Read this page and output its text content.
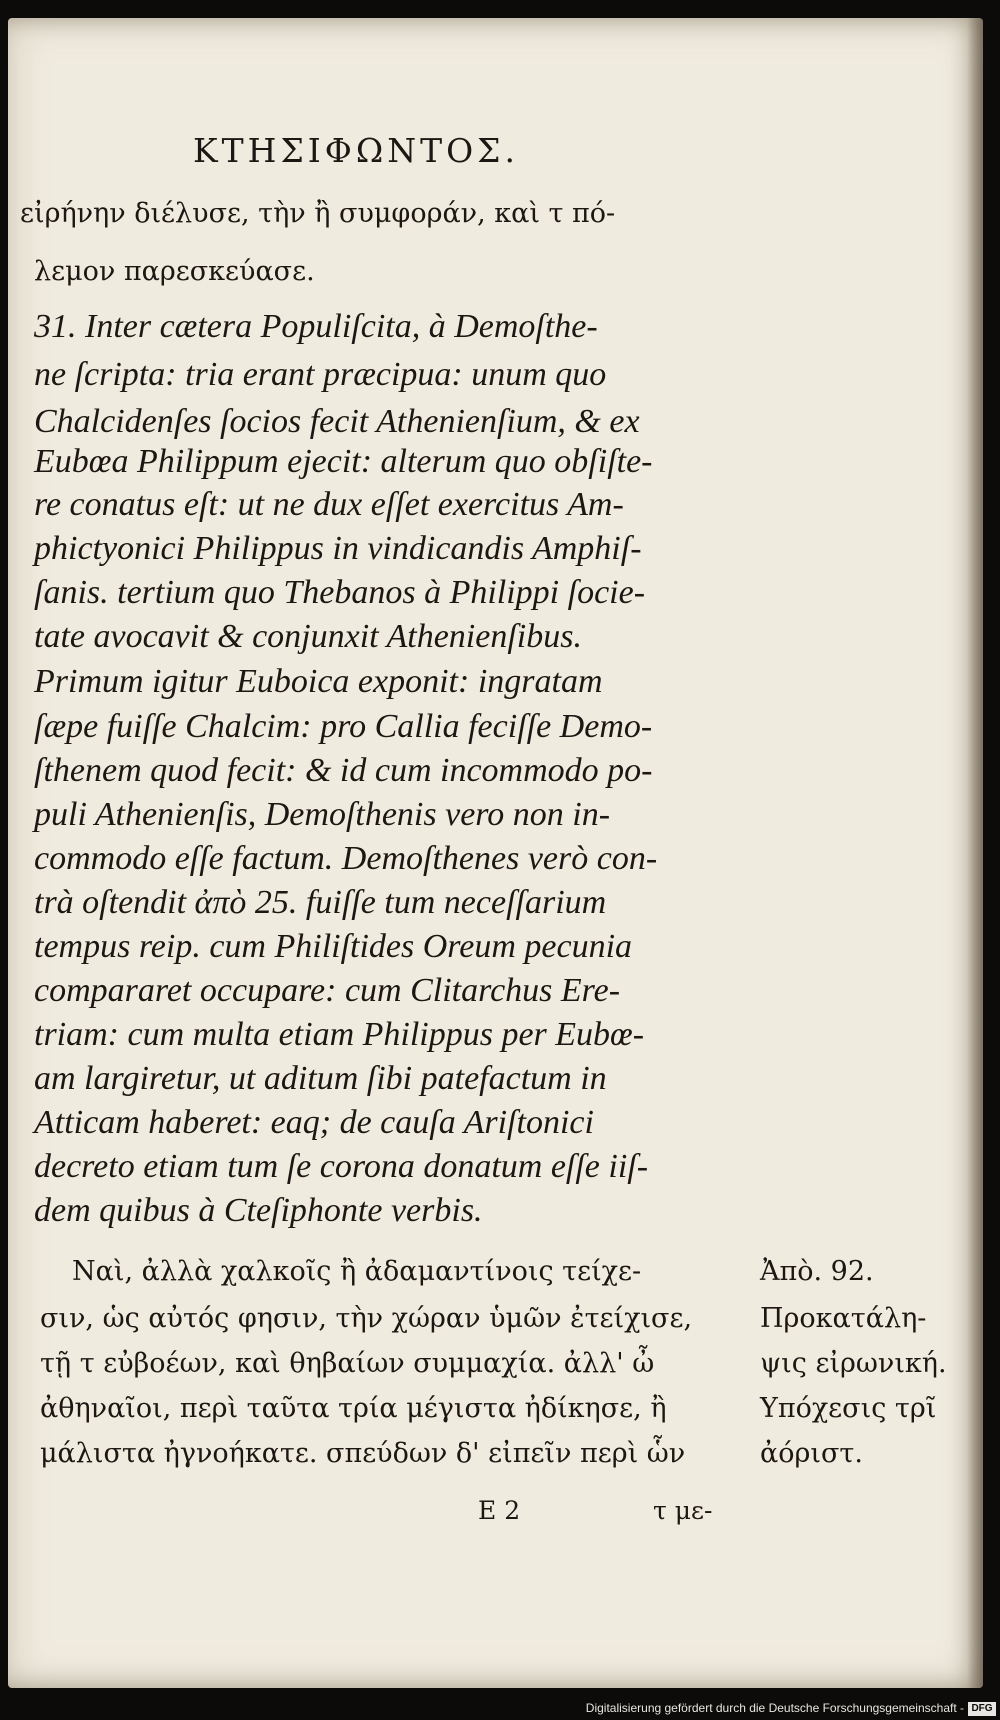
ΚΤΗΣΙΦΩΝΤΟΣ.
εἰρήνην διέλυσε, τὴν ἢ συμφοράν, καὶ τ πό-
λεμον παρεσκεύασε.
31. Inter cætera Populiſcita, à Demoſthe-
ne ſcripta: tria erant præcipua: unum quo
Chalcidenſes ſocios fecit Athenienſium, & ex
Eubœa Philippum ejecit: alterum quo obſiſte-
re conatus eſt: ut ne dux eſſet exercitus Am-
phictyonici Philippus in vindicandis Amphiſ-
ſanis. tertium quo Thebanos à Philippi ſocie-
tate avocavit & conjunxit Athenienſibus.
Primum igitur Euboica exponit: ingratam
ſæpe fuiſſe Chalcim: pro Callia feciſſe Demo-
ſthenem quod fecit: & id cum incommodo po-
puli Athenienſis, Demoſthenis vero non in-
commodo eſſe factum. Demoſthenes verò con-
trà oſtendit ἀπὸ 25. fuiſſe tum neceſſarium
tempus reip. cum Philiſtides Oreum pecunia
compararet occupare: cum Clitarchus Ere-
triam: cum multa etiam Philippus per Eubœ-
am largiretur, ut aditum ſibi patefactum in
Atticam haberet: eaq; de cauſa Ariſtonici
decreto etiam tum ſe corona donatum eſſe iiſ-
dem quibus à Cteſiphonte verbis.
Ναὶ, ἀλλὰ χαλκοῖς ἢ ἀδαμαντίνοις τείχε-
σιν, ὡς αὐτός φησιν, τὴν χώραν ὑμῶν ἐτείχισε,
τῇ τ εὐβοέων, καὶ θηβαίων συμμαχία. ἀλλ' ὦ
ἀθηναῖοι, περὶ ταῦτα τρία μέγιστα ἠδίκησε, ἢ
μάλιστα ἠγνοήκατε. σπεύδων δ' εἰπεῖν περὶ ὧν
Ἀπὸ. 92.
Προκατάλη-
ψις εἰρωνική.
Υπόχεσις τρῖ
ἀόριστ.
E 2	τ με-
Digitalisierung gefördert durch die Deutsche Forschungsgemeinschaft - DFG
